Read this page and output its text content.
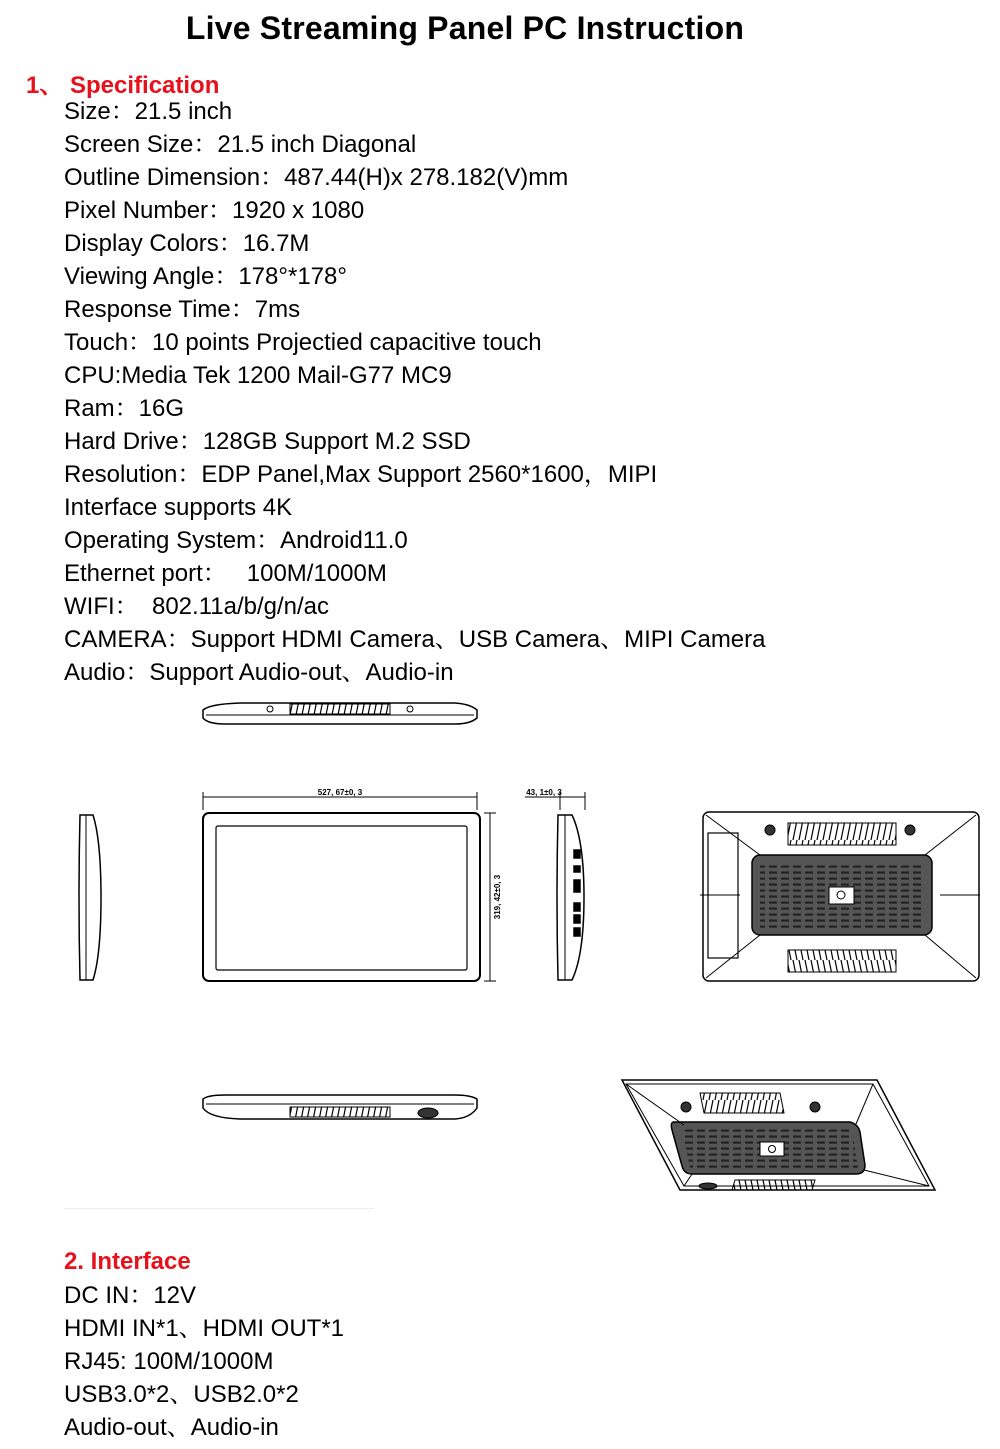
Live Streaming Panel PC Instruction
1、 Specification
Size：21.5 inch
Screen Size：21.5 inch Diagonal
Outline Dimension：487.44(H)x 278.182(V)mm
Pixel Number：1920 x 1080
Display Colors：16.7M
Viewing Angle：178°*178°
Response Time：7ms
Touch：10 points Projectied capacitive touch
CPU:Media Tek 1200 Mail-G77 MC9
Ram：16G
Hard Drive：128GB Support M.2 SSD
Resolution：EDP Panel,Max Support 2560*1600，MIPI
Interface supports 4K
Operating System：Android11.0
Ethernet port：   100M/1000M
WIFI：  802.11a/b/g/n/ac
CAMERA：Support HDMI Camera、USB Camera、MIPI Camera
Audio：Support Audio-out、Audio-in
527, 67±0, 3
319, 42±0, 3
43, 1±0, 3
2. Interface
DC IN：12V
HDMI IN*1、HDMI OUT*1
RJ45: 100M/1000M
USB3.0*2、USB2.0*2
Audio-out、Audio-in
